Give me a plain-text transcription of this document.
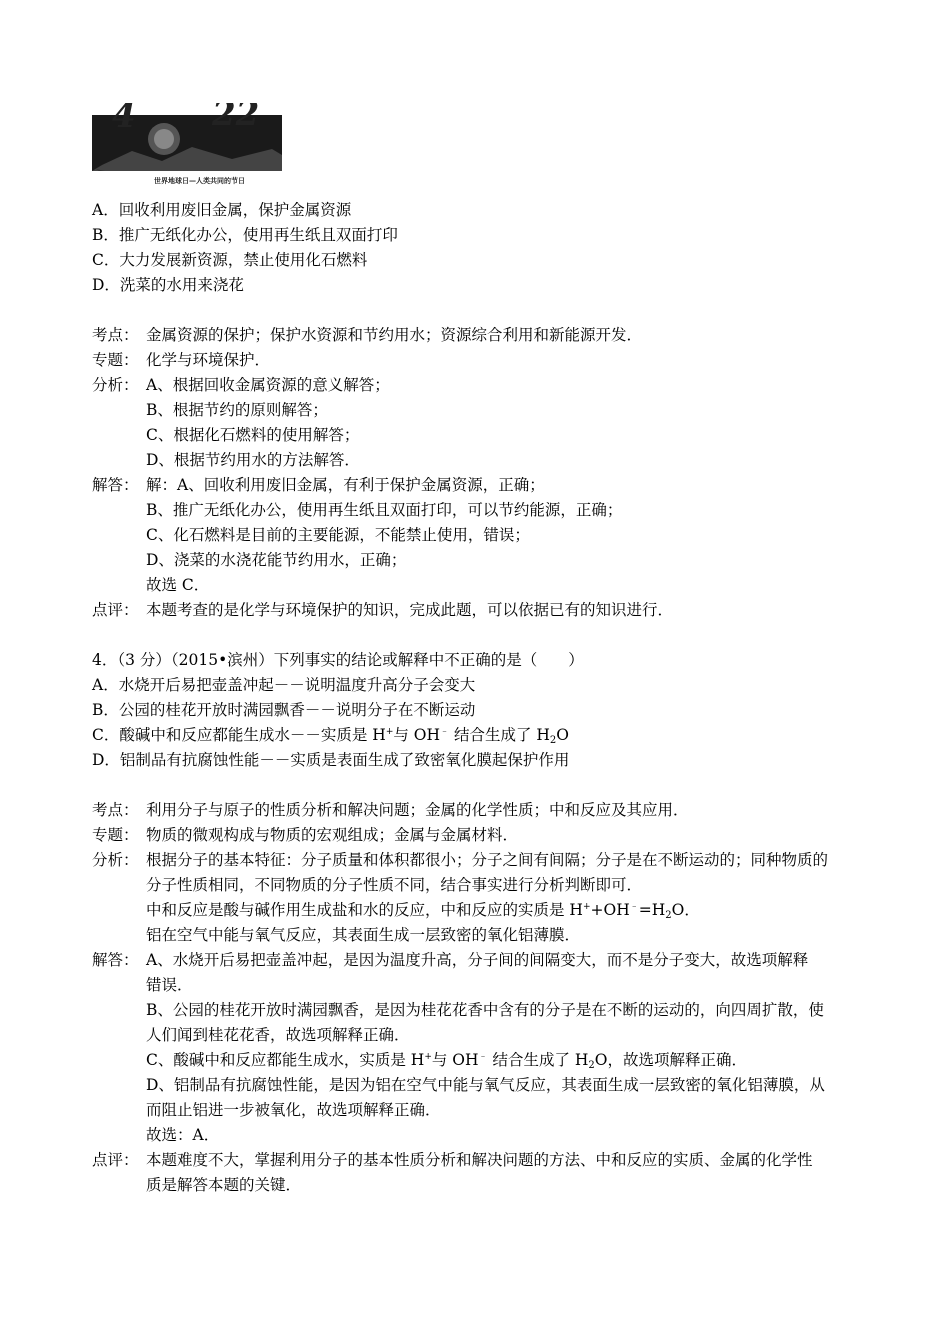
4 22
世界地球日—人类共同的节日
A．回收利用废旧金属，保护金属资源
B．推广无纸化办公，使用再生纸且双面打印
C．大力发展新资源，禁止使用化石燃料
D．洗菜的水用来浇花
考点： 金属资源的保护；保护水资源和节约用水；资源综合利用和新能源开发．
专题： 化学与环境保护．
分析： A、根据回收金属资源的意义解答；
B、根据节约的原则解答；
C、根据化石燃料的使用解答；
D、根据节约用水的方法解答．
解答： 解：A、回收利用废旧金属，有利于保护金属资源，正确；
B、推广无纸化办公，使用再生纸且双面打印，可以节约能源，正确；
C、化石燃料是目前的主要能源，不能禁止使用，错误；
D、浇菜的水浇花能节约用水，正确；
故选 C．
点评： 本题考查的是化学与环境保护的知识，完成此题，可以依据已有的知识进行．
4．（3 分）（2015•滨州）下列事实的结论或解释中不正确的是（　　）
A．水烧开后易把壶盖冲起－－说明温度升高分子会变大
B．公园的桂花开放时满园飘香－－说明分子在不断运动
C．酸碱中和反应都能生成水－－实质是 H+与 OH﹣ 结合生成了 $H_2O$
D．铝制品有抗腐蚀性能－－实质是表面生成了致密氧化膜起保护作用
考点： 利用分子与原子的性质分析和解决问题；金属的化学性质；中和反应及其应用．
专题： 物质的微观构成与物质的宏观组成；金属与金属材料．
分析： 根据分子的基本特征：分子质量和体积都很小；分子之间有间隔；分子是在不断运动的；同种物质的
分子性质相同，不同物质的分子性质不同，结合事实进行分析判断即可．
中和反应是酸与碱作用生成盐和水的反应，中和反应的实质是 $H^++OH^﹣=H_2O$．
铝在空气中能与氧气反应，其表面生成一层致密的氧化铝薄膜．
解答： A、水烧开后易把壶盖冲起，是因为温度升高，分子间的间隔变大，而不是分子变大，故选项解释
错误．
B、公园的桂花开放时满园飘香，是因为桂花花香中含有的分子是在不断的运动的，向四周扩散，使
人们闻到桂花花香，故选项解释正确．
C、酸碱中和反应都能生成水，实质是 H+与 OH﹣ 结合生成了 $H_2O$，故选项解释正确．
D、铝制品有抗腐蚀性能，是因为铝在空气中能与氧气反应，其表面生成一层致密的氧化铝薄膜，从
而阻止铝进一步被氧化，故选项解释正确．
故选：A．
点评： 本题难度不大，掌握利用分子的基本性质分析和解决问题的方法、中和反应的实质、金属的化学性
质是解答本题的关键．
